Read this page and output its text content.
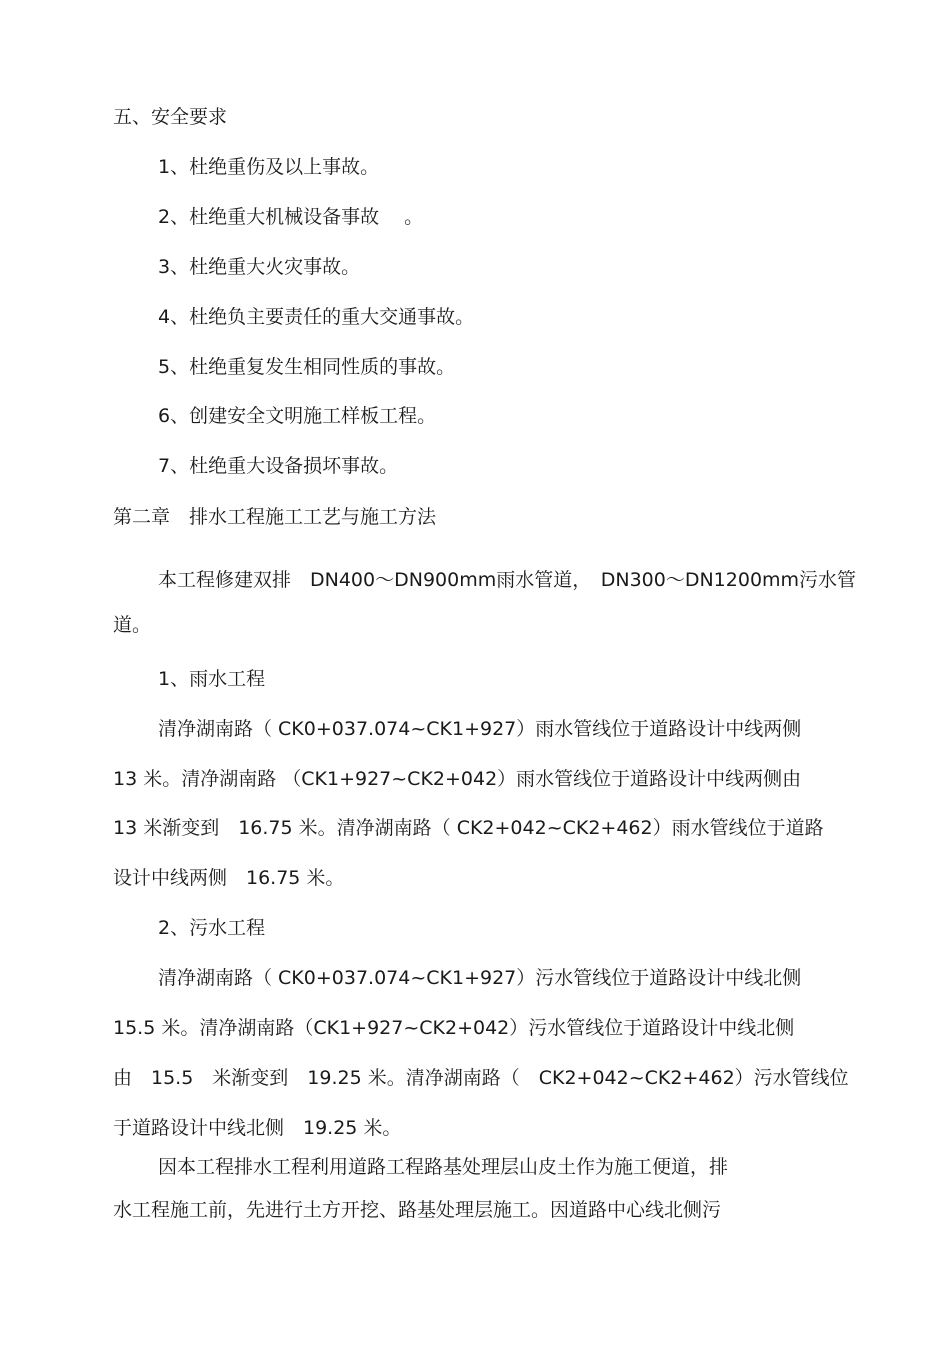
五、安全要求
1、杜绝重伤及以上事故。
2、杜绝重大机械设备事故　 。
3、杜绝重大火灾事故。
4、杜绝负主要责任的重大交通事故。
5、杜绝重复发生相同性质的事故。
6、创建安全文明施工样板工程。
7、杜绝重大设备损坏事故。
第二章　排水工程施工工艺与施工方法
本工程修建双排　DN400～DN900mm雨水管道，　DN300～DN1200mm污水管
道。
1、雨水工程
清净湖南路（ CK0+037.074~CK1+927）雨水管线位于道路设计中线两侧
13 米。清净湖南路 （CK1+927~CK2+042）雨水管线位于道路设计中线两侧由
13 米渐变到　16.75 米。清净湖南路（ CK2+042~CK2+462）雨水管线位于道路
设计中线两侧　16.75 米。
2、污水工程
清净湖南路（ CK0+037.074~CK1+927）污水管线位于道路设计中线北侧
15.5 米。清净湖南路（CK1+927~CK2+042）污水管线位于道路设计中线北侧
由　15.5　米渐变到　19.25 米。清净湖南路（　CK2+042~CK2+462）污水管线位
于道路设计中线北侧　19.25 米。
因本工程排水工程利用道路工程路基处理层山皮土作为施工便道，排
水工程施工前，先进行土方开挖、路基处理层施工。因道路中心线北侧污
